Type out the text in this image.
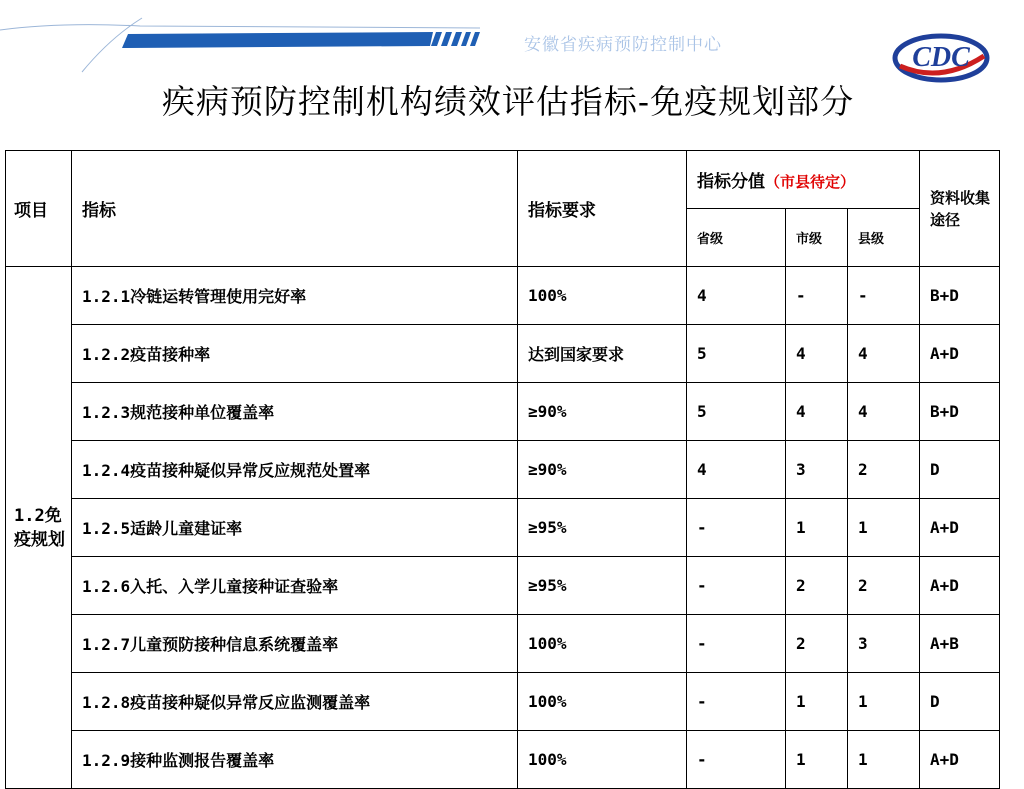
安徽省疾病预防控制中心	CDC
疾病预防控制机构绩效评估指标-免疫规划部分
项目	指标	指标要求	指标分值（市县待定）			资料收集途径
			省级	市级	县级	
1.2免疫规划	1.2.1冷链运转管理使用完好率	100%	4	-	-	B+D
	1.2.2疫苗接种率	达到国家要求	5	4	4	A+D
	1.2.3规范接种单位覆盖率	≥90%	5	4	4	B+D
	1.2.4疫苗接种疑似异常反应规范处置率	≥90%	4	3	2	D
	1.2.5适龄儿童建证率	≥95%	-	1	1	A+D
	1.2.6入托、入学儿童接种证查验率	≥95%	-	2	2	A+D
	1.2.7儿童预防接种信息系统覆盖率	100%	-	2	3	A+B
	1.2.8疫苗接种疑似异常反应监测覆盖率	100%	-	1	1	D
	1.2.9接种监测报告覆盖率	100%	-	1	1	A+D
